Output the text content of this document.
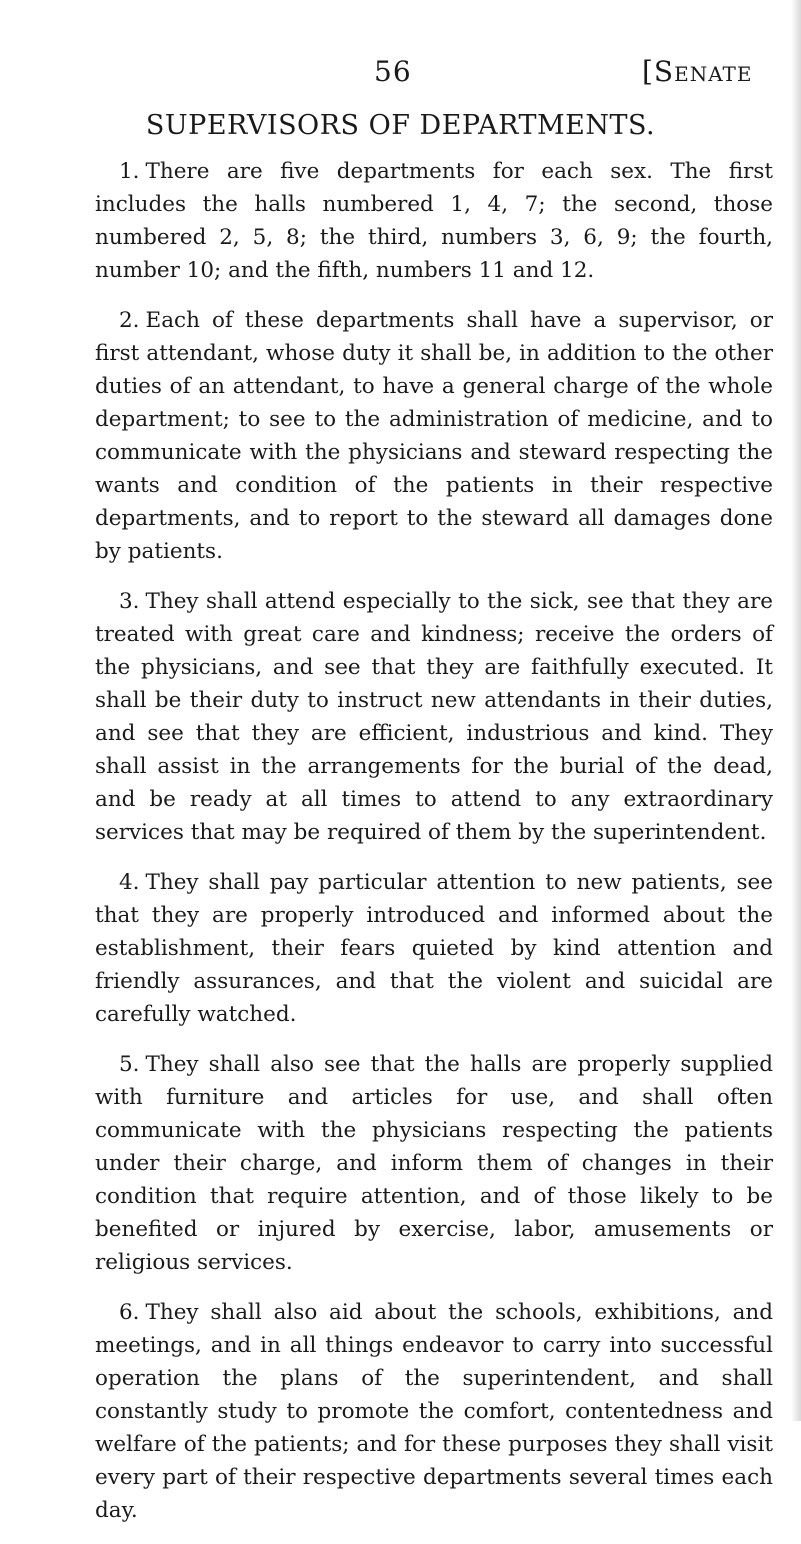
56	[Senate
SUPERVISORS OF DEPARTMENTS.

1. There are five departments for each sex. The first includes the halls numbered 1, 4, 7; the second, those numbered 2, 5, 8; the third, numbers 3, 6, 9; the fourth, number 10; and the fifth, numbers 11 and 12.

2. Each of these departments shall have a supervisor, or first attendant, whose duty it shall be, in addition to the other duties of an attendant, to have a general charge of the whole department; to see to the administration of medicine, and to communicate with the physicians and steward respecting the wants and condition of the patients in their respective departments, and to report to the steward all damages done by patients.

3. They shall attend especially to the sick, see that they are treated with great care and kindness; receive the orders of the physicians, and see that they are faithfully executed. It shall be their duty to instruct new attendants in their duties, and see that they are efficient, industrious and kind. They shall assist in the arrangements for the burial of the dead, and be ready at all times to attend to any extraordinary services that may be required of them by the superintendent.

4. They shall pay particular attention to new patients, see that they are properly introduced and informed about the establishment, their fears quieted by kind attention and friendly assurances, and that the violent and suicidal are carefully watched.

5. They shall also see that the halls are properly supplied with furniture and articles for use, and shall often communicate with the physicians respecting the patients under their charge, and inform them of changes in their condition that require attention, and of those likely to be benefited or injured by exercise, labor, amusements or religious services.

6. They shall also aid about the schools, exhibitions, and meetings, and in all things endeavor to carry into successful operation the plans of the superintendent, and shall constantly study to promote the comfort, contentedness and welfare of the patients; and for these purposes they shall visit every part of their respective departments several times each day.
